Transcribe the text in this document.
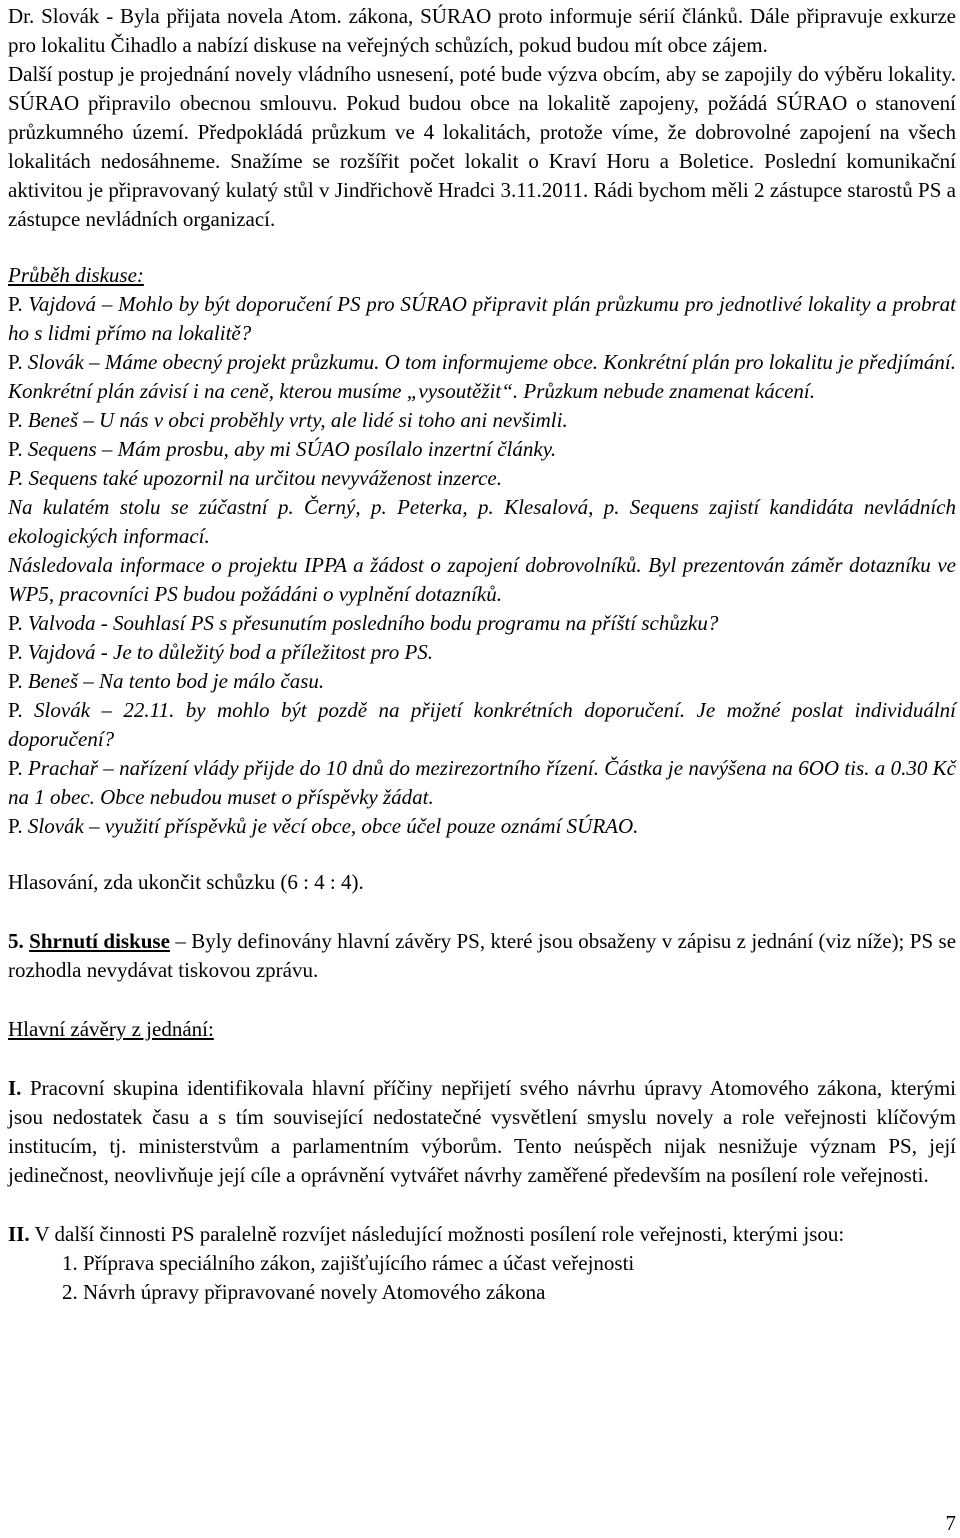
Dr. Slovák - Byla přijata novela Atom. zákona, SÚRAO proto informuje sérií článků. Dále připravuje exkurze pro lokalitu Čihadlo a nabízí diskuse na veřejných schůzích, pokud budou mít obce zájem.

Další postup je projednání novely vládního usnesení, poté bude výzva obcím, aby se zapojily do výběru lokality. SÚRAO připravilo obecnou smlouvu. Pokud budou obce na lokalitě zapojeny, požádá SÚRAO o stanovení průzkumného území. Předpokládá průzkum ve 4 lokalitách, protože víme, že dobrovolné zapojení na všech lokalitách nedosáhneme. Snažíme se rozšířit počet lokalit o Kraví Horu a Boletice. Poslední komunikační aktivitou je připravovaný kulatý stůl v Jindřichově Hradci 3.11.2011. Rádi bychom měli 2 zástupce starostů PS a zástupce nevládních organizací.

Průběh diskuse:

P. Vajdová – Mohlo by být doporučení PS pro SÚRAO připravit plán průzkumu pro jednotlivé lokality a probrat ho s lidmi přímo na lokalitě?

P. Slovák – Máme obecný projekt průzkumu. O tom informujeme obce. Konkrétní plán pro lokalitu je předjímání. Konkrétní plán závisí i na ceně, kterou musíme „vysoutěžit“. Průzkum nebude znamenat kácení.

P. Beneš – U nás v obci proběhly vrty, ale lidé si toho ani nevšimli.

P. Sequens – Mám prosbu, aby mi SÚAO posílalo inzertní články.

P. Sequens také upozornil na určitou nevyváženost inzerce.

Na kulatém stolu se zúčastní p. Černý, p. Peterka, p. Klesalová, p. Sequens zajistí kandidáta nevládních ekologických informací.

Následovala informace o projektu IPPA a žádost o zapojení dobrovolníků. Byl prezentován záměr dotazníku ve WP5, pracovníci PS budou požádáni o vyplnění dotazníků.

P. Valvoda - Souhlasí PS s přesunutím posledního bodu programu na příští schůzku?

P. Vajdová - Je to důležitý bod a příležitost pro PS.

P. Beneš – Na tento bod je málo času.

P. Slovák – 22.11. by mohlo být pozdě na přijetí konkrétních doporučení. Je možné poslat individuální doporučení?

P. Prachař – nařízení vlády přijde do 10 dnů do mezirezortního řízení. Částka je navýšena na 6OO tis. a 0.30 Kč na 1 obec. Obce nebudou muset o příspěvky žádat.

P. Slovák – využití příspěvků je věcí obce, obce účel pouze oznámí SÚRAO.

Hlasování, zda ukončit schůzku (6 : 4 : 4).

5. Shrnutí diskuse – Byly definovány hlavní závěry PS, které jsou obsaženy v zápisu z jednání (viz níže); PS se rozhodla nevydávat tiskovou zprávu.

Hlavní závěry z jednání:

I. Pracovní skupina identifikovala hlavní příčiny nepřijetí svého návrhu úpravy Atomového zákona, kterými jsou nedostatek času a s tím související nedostatečné vysvětlení smyslu novely a role veřejnosti klíčovým institucím, tj. ministerstvům a parlamentním výborům. Tento neúspěch nijak nesnižuje význam PS, její jedinečnost, neovlivňuje její cíle a oprávnění vytvářet návrhy zaměřené především na posílení role veřejnosti.

II. V další činnosti PS paralelně rozvíjet následující možnosti posílení role veřejnosti, kterými jsou:

1. Příprava speciálního zákon, zajišťujícího rámec a účast veřejnosti
2. Návrh úpravy připravované novely Atomového zákona
7
